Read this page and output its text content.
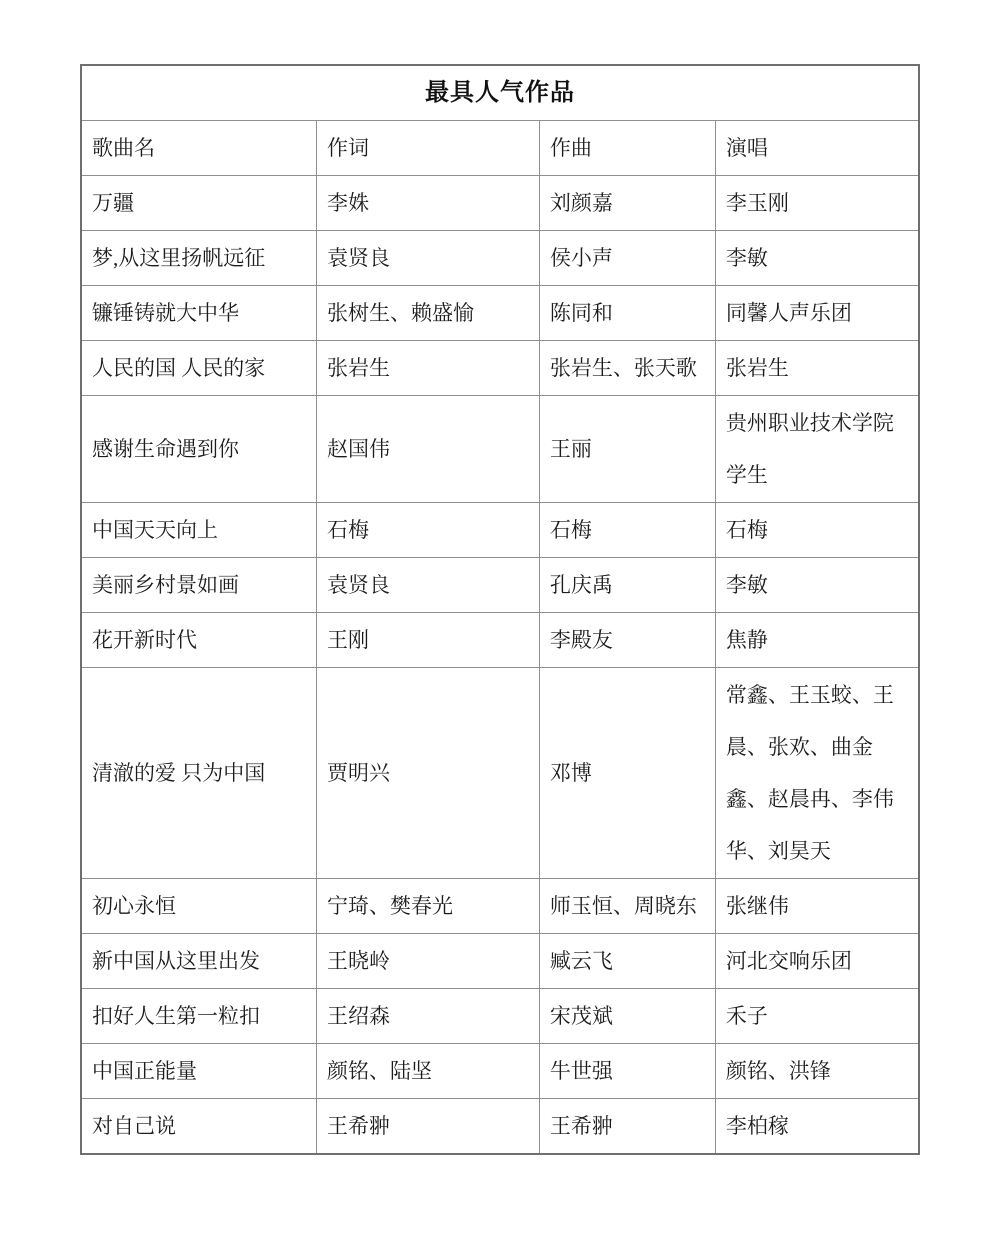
最具人气作品			
歌曲名	作词	作曲	演唱
万疆	李姝	刘颜嘉	李玉刚
梦,从这里扬帆远征	袁贤良	侯小声	李敏
镰锤铸就大中华	张树生、赖盛愉	陈同和	同馨人声乐团
人民的国 人民的家	张岩生	张岩生、张天歌	张岩生
感谢生命遇到你	赵国伟	王丽	贵州职业技术学院学生
中国天天向上	石梅	石梅	石梅
美丽乡村景如画	袁贤良	孔庆禹	李敏
花开新时代	王刚	李殿友	焦静
清澈的爱 只为中国	贾明兴	邓博	常鑫、王玉蛟、王晨、张欢、曲金鑫、赵晨冉、李伟华、刘昊天
初心永恒	宁琦、樊春光	师玉恒、周晓东	张继伟
新中国从这里出发	王晓岭	臧云飞	河北交响乐团
扣好人生第一粒扣	王绍森	宋茂斌	禾子
中国正能量	颜铭、陆坚	牛世强	颜铭、洪锋
对自己说	王希翀	王希翀	李柏稼
